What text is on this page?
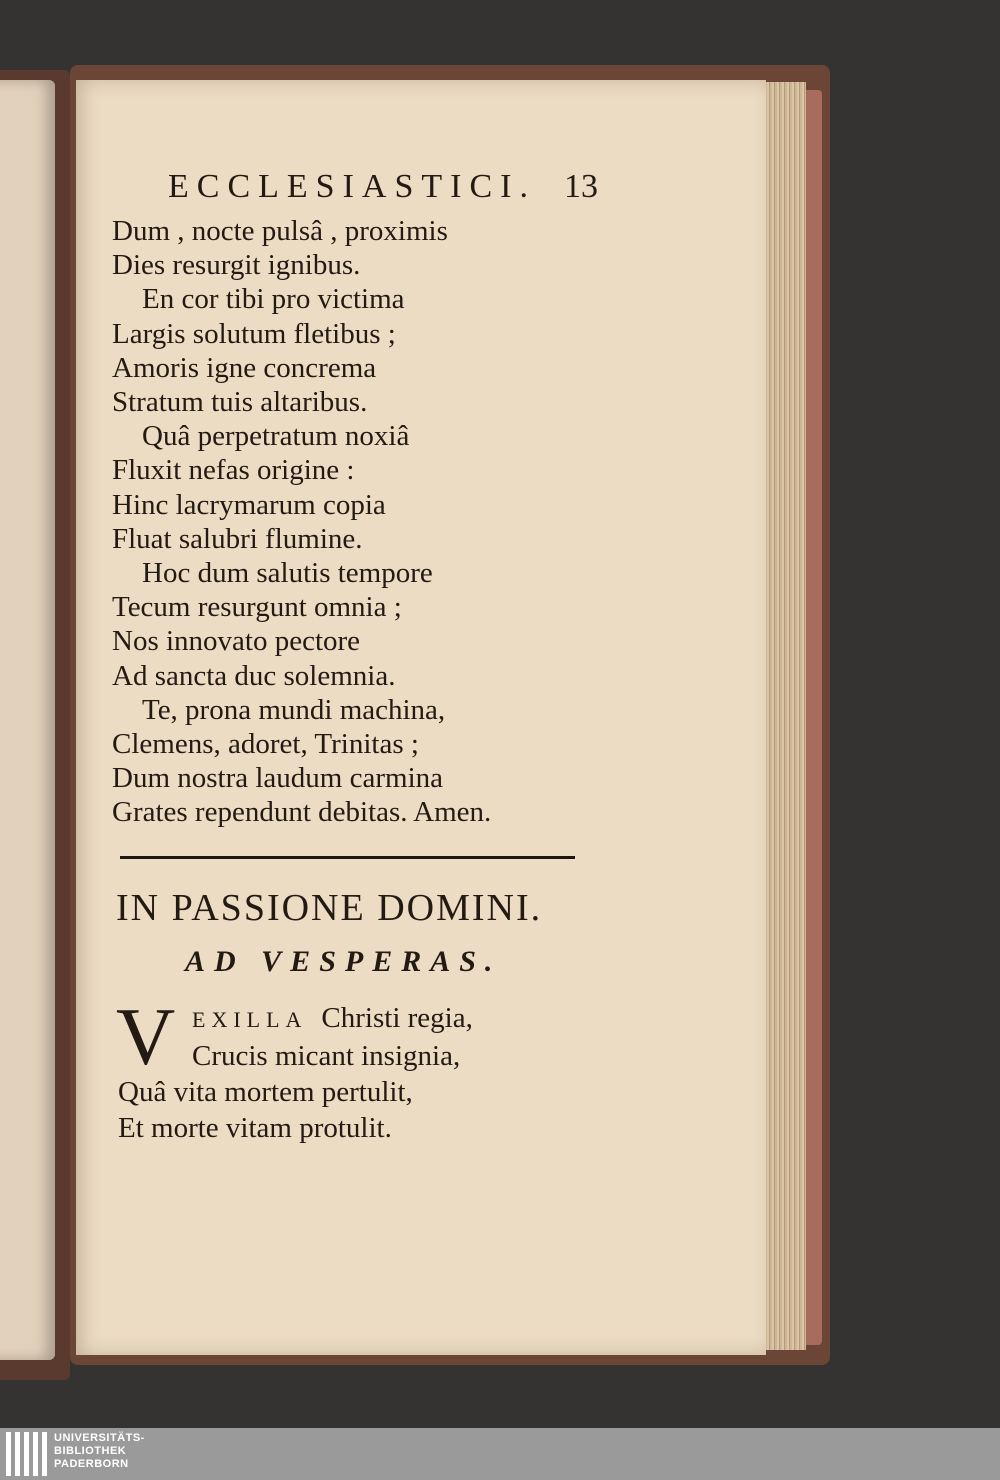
ECCLESIASTICI. 13
Dum , nocte pulsâ , proximis
Dies resurgit ignibus.
En cor tibi pro victima
Largis solutum fletibus ;
Amoris igne concrema
Stratum tuis altaribus.
Quâ perpetratum noxiâ
Fluxit nefas origine :
Hinc lacrymarum copia
Fluat salubri flumine.
Hoc dum salutis tempore
Tecum resurgunt omnia ;
Nos innovato pectore
Ad sancta duc solemnia.
Te, prona mundi machina,
Clemens, adoret, Trinitas ;
Dum nostra laudum carmina
Grates rependunt debitas. Amen.
IN PASSIONE DOMINI.
AD VESPERAS.
V EXILLA Christi regia,
Crucis micant insignia,
Quâ vita mortem pertulit,
Et morte vitam protulit.
UNIVERSITÄTS-
BIBLIOTHEK
PADERBORN
